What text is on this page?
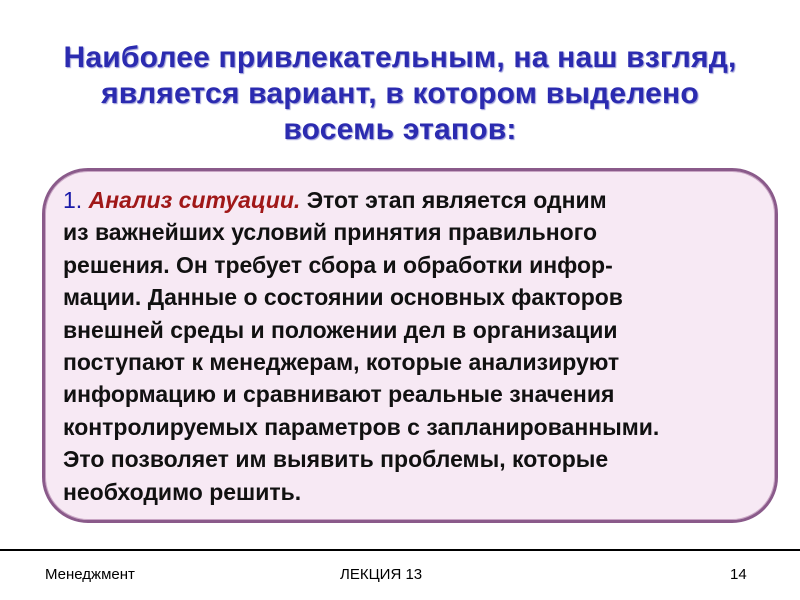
Наиболее привлекательным, на наш взгляд,
является вариант, в котором выделено
восемь этапов:
1. Анализ ситуации. Этот этап является одним
из важнейших условий принятия правильного
решения. Он требует сбора и обработки инфор-
мации. Данные о состоянии основных факторов
внешней среды и положении дел в организации
поступают к менеджерам, которые анализируют
информацию и сравнивают реальные значения
контролируемых параметров с запланированными.
Это позволяет им выявить проблемы, которые
необходимо решить.
Менеджмент	ЛЕКЦИЯ 13	14
